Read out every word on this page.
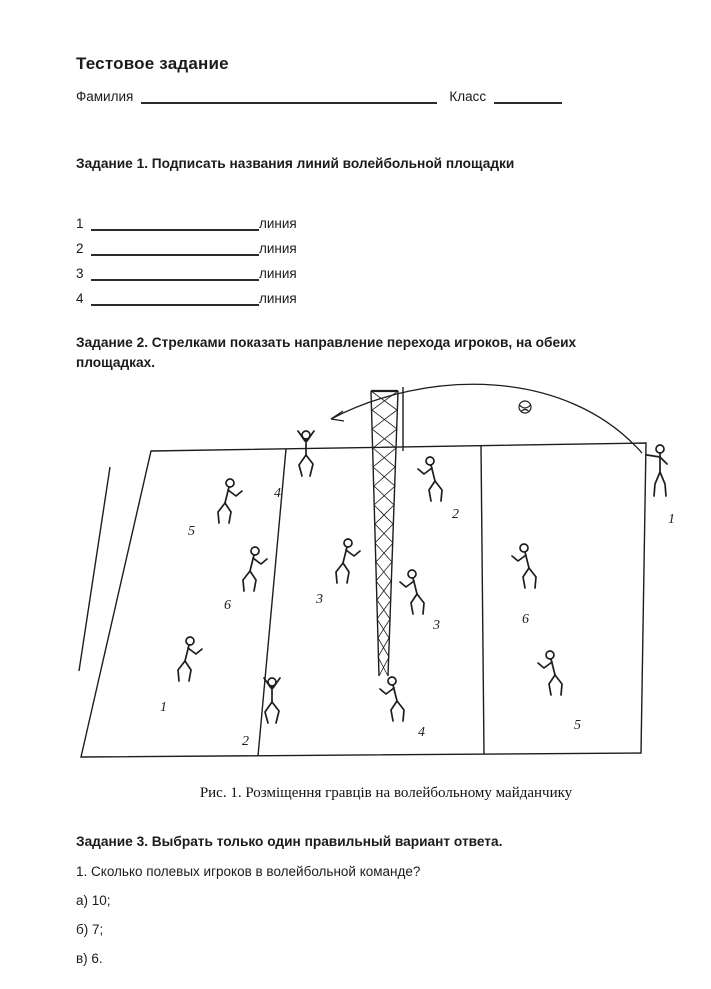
Тестовое задание
Фамилия	Класс
Задание 1. Подписать названия линий волейбольной площадки
1	линия
2	линия
3	линия
4	линия
Задание 2. Стрелками показать направление перехода игроков, на обеих площадках.
4
5
6	3
1
2
2
3	6
4	5
1
Рис. 1. Розміщення гравців на волейбольному майданчику
Задание 3. Выбрать только один правильный вариант ответа.
1. Сколько полевых игроков в волейбольной команде?
а) 10;
б) 7;
в) 6.
